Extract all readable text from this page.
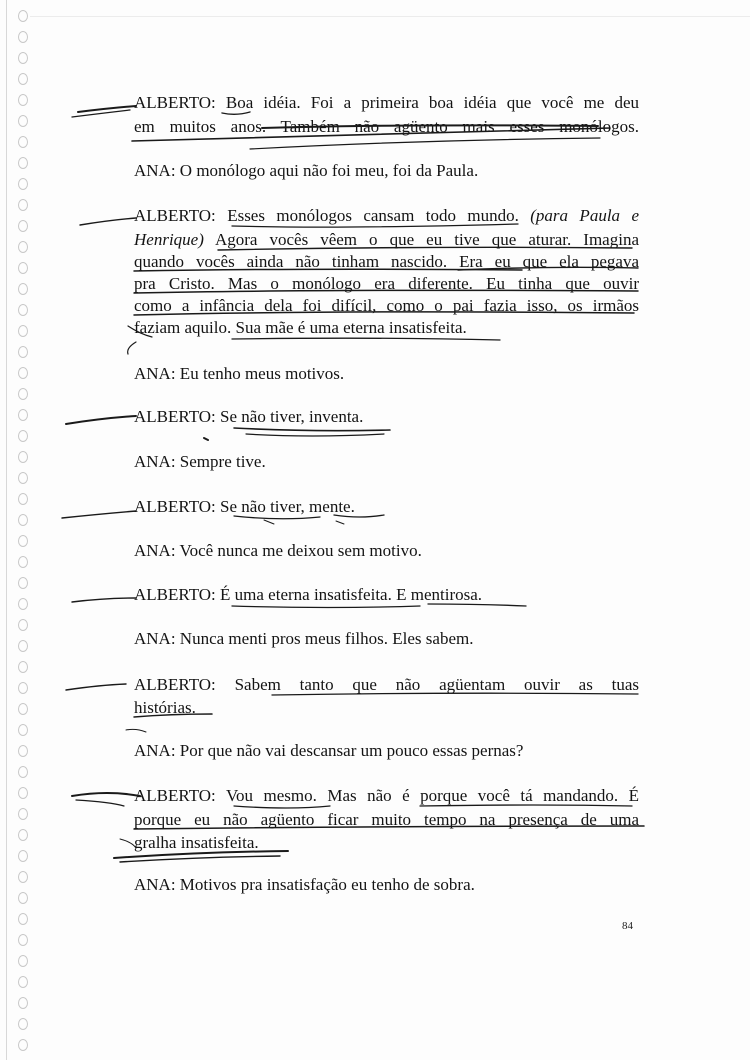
ALBERTO: Boa idéia. Foi a primeira boa idéia que você me deu
em muitos anos. Também não agüento mais esses monólogos.
ANA: O monólogo aqui não foi meu, foi da Paula.
ALBERTO: Esses monólogos cansam todo mundo. (para Paula e
Henrique) Agora vocês vêem o que eu tive que aturar. Imagina
quando vocês ainda não tinham nascido. Era eu que ela pegava
pra Cristo. Mas o monólogo era diferente. Eu tinha que ouvir
como a infância dela foi difícil, como o pai fazia isso, os irmãos
faziam aquilo. Sua mãe é uma eterna insatisfeita.
ANA: Eu tenho meus motivos.
ALBERTO: Se não tiver, inventa.
ANA: Sempre tive.
ALBERTO: Se não tiver, mente.
ANA: Você nunca me deixou sem motivo.
ALBERTO: É uma eterna insatisfeita. E mentirosa.
ANA: Nunca menti pros meus filhos. Eles sabem.
ALBERTO: Sabem tanto que não agüentam ouvir as tuas
histórias.
ANA: Por que não vai descansar um pouco essas pernas?
ALBERTO: Vou mesmo. Mas não é porque você tá mandando. É
porque eu não agüento ficar muito tempo na presença de uma
gralha insatisfeita.
ANA: Motivos pra insatisfação eu tenho de sobra.
84
